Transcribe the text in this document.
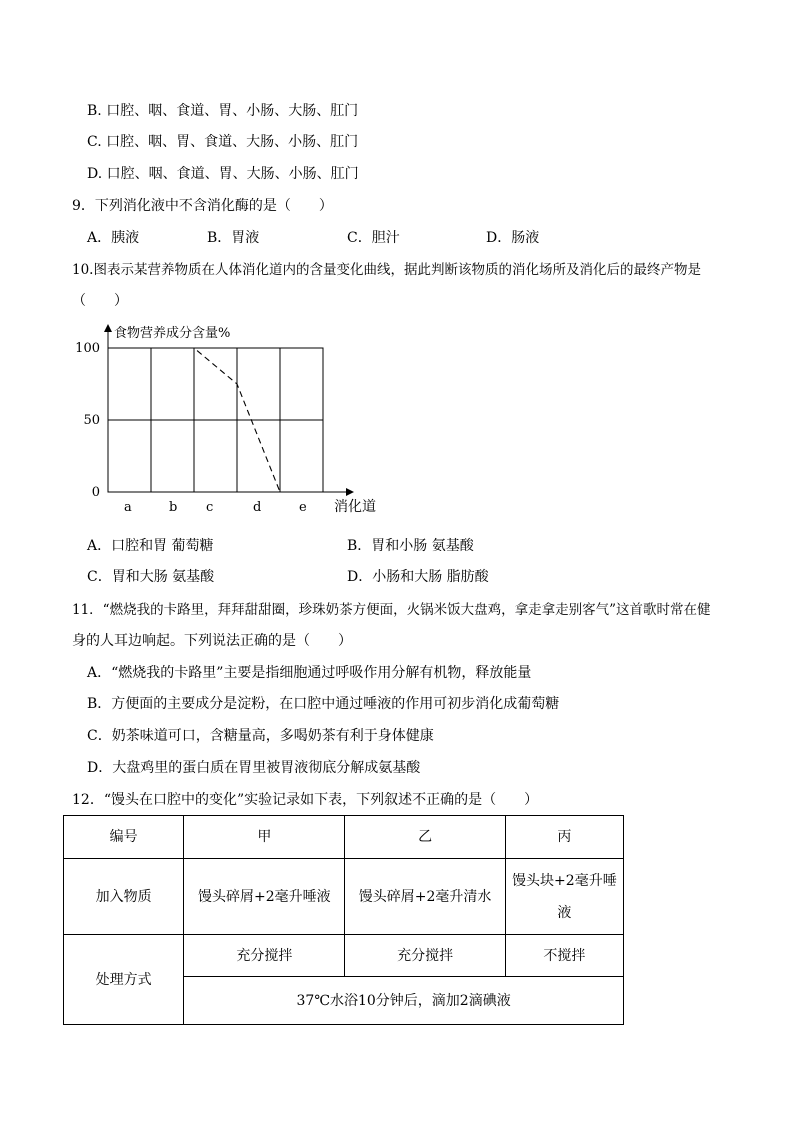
B. 口腔、咽、食道、胃、小肠、大肠、肛门
C. 口腔、咽、胃、食道、大肠、小肠、肛门
D. 口腔、咽、食道、胃、大肠、小肠、肛门
9．下列消化液中不含消化酶的是（　　）
A．胰液	B．胃液	C．胆汁	D．肠液
10.图表示某营养物质在人体消化道内的含量变化曲线，据此判断该物质的消化场所及消化后的最终产物是
（　　）
食物营养成分含量%
消化道
0
50
100
a	b c	d	e
A．口腔和胃 葡萄糖	B．胃和小肠 氨基酸
C．胃和大肠 氨基酸	D．小肠和大肠 脂肪酸
11．“燃烧我的卡路里，拜拜甜甜圈，珍珠奶茶方便面，火锅米饭大盘鸡，拿走拿走别客气”这首歌时常在健
身的人耳边响起。下列说法正确的是（　　）
A．“燃烧我的卡路里”主要是指细胞通过呼吸作用分解有机物，释放能量
B．方便面的主要成分是淀粉，在口腔中通过唾液的作用可初步消化成葡萄糖
C．奶茶味道可口，含糖量高，多喝奶茶有利于身体健康
D．大盘鸡里的蛋白质在胃里被胃液彻底分解成氨基酸
12．“馒头在口腔中的变化”实验记录如下表，下列叙述不正确的是（　　）
编号	甲	乙	丙
加入物质	馒头碎屑+2毫升唾液	馒头碎屑+2毫升清水	馒头块+2毫升唾液
处理方式	充分搅拌	充分搅拌	不搅拌
	37℃水浴10分钟后，滴加2滴碘液		
